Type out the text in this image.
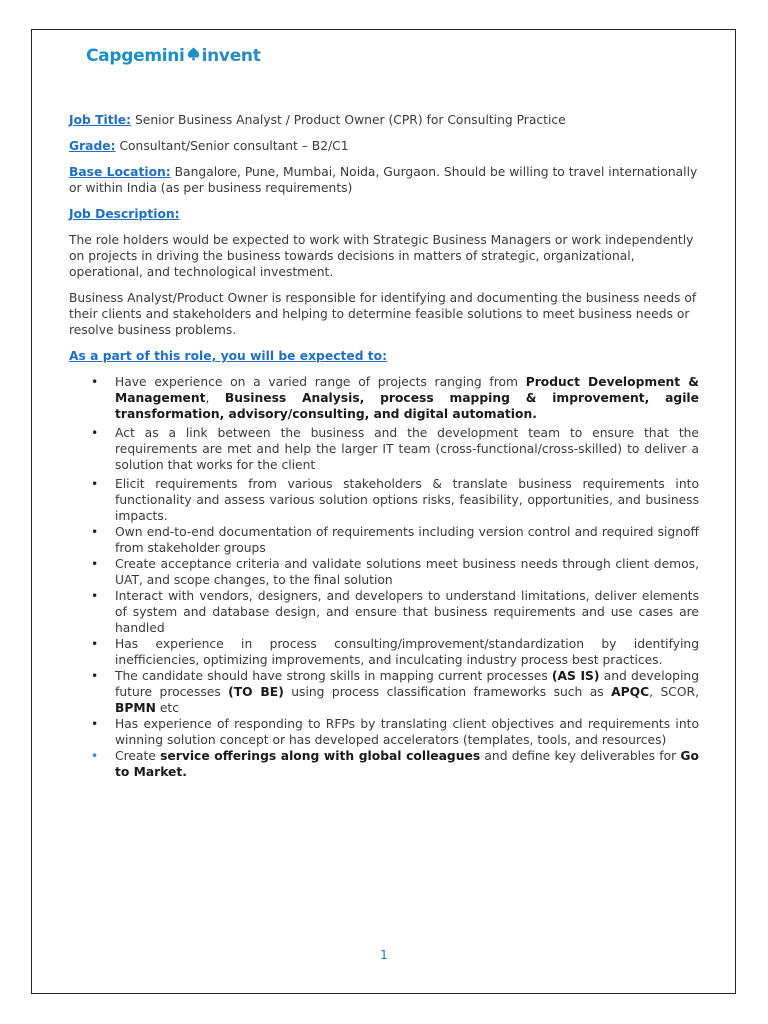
Capgemini invent
Job Title: Senior Business Analyst / Product Owner (CPR) for Consulting Practice
Grade: Consultant/Senior consultant – B2/C1
Base Location: Bangalore, Pune, Mumbai, Noida, Gurgaon. Should be willing to travel internationally or within India (as per business requirements)
Job Description:
The role holders would be expected to work with Strategic Business Managers or work independently on projects in driving the business towards decisions in matters of strategic, organizational, operational, and technological investment.
Business Analyst/Product Owner is responsible for identifying and documenting the business needs of their clients and stakeholders and helping to determine feasible solutions to meet business needs or resolve business problems.
As a part of this role, you will be expected to:
• Have experience on a varied range of projects ranging from Product Development & Management, Business Analysis, process mapping & improvement, agile transformation, advisory/consulting, and digital automation.
• Act as a link between the business and the development team to ensure that the requirements are met and help the larger IT team (cross-functional/cross-skilled) to deliver a solution that works for the client
• Elicit requirements from various stakeholders & translate business requirements into functionality and assess various solution options risks, feasibility, opportunities, and business impacts.
• Own end-to-end documentation of requirements including version control and required signoff from stakeholder groups
• Create acceptance criteria and validate solutions meet business needs through client demos, UAT, and scope changes, to the final solution
• Interact with vendors, designers, and developers to understand limitations, deliver elements of system and database design, and ensure that business requirements and use cases are handled
• Has experience in process consulting/improvement/standardization by identifying inefficiencies, optimizing improvements, and inculcating industry process best practices.
• The candidate should have strong skills in mapping current processes (AS IS) and developing future processes (TO BE) using process classification frameworks such as APQC, SCOR, BPMN etc
• Has experience of responding to RFPs by translating client objectives and requirements into winning solution concept or has developed accelerators (templates, tools, and resources)
• Create service offerings along with global colleagues and define key deliverables for Go to Market.
1
